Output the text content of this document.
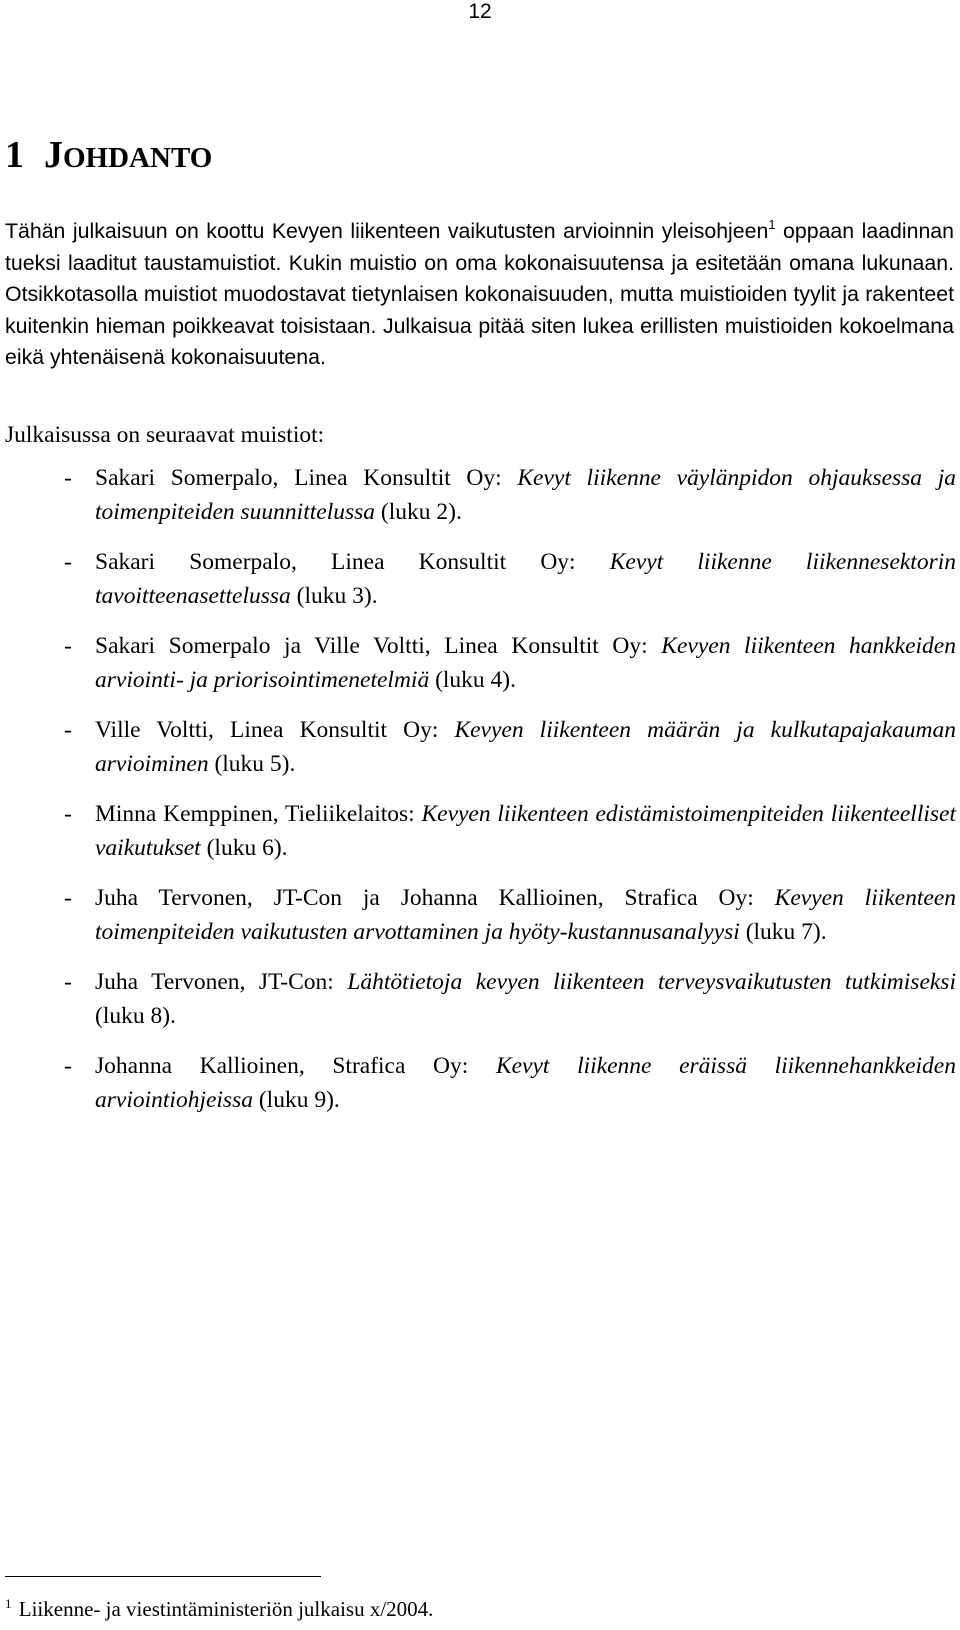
12
1 JOHDANTO

Tähän julkaisuun on koottu Kevyen liikenteen vaikutusten arvioinnin yleisohjeen$^1$ oppaan laadinnan tueksi laaditut taustamuistiot. Kukin muistio on oma kokonaisuutensa ja esitetään omana lukunaan. Otsikkotasolla muistiot muodostavat tietynlaisen kokonaisuuden, mutta muistioiden tyylit ja rakenteet kuitenkin hieman poikkeavat toisistaan. Julkaisua pitää siten lukea erillisten muistioiden kokoelmana eikä yhtenäisenä kokonaisuutena.

Julkaisussa on seuraavat muistiot:

- Sakari Somerpalo, Linea Konsultit Oy: Kevyt liikenne väylänpidon ohjauksessa ja toimenpiteiden suunnittelussa (luku 2).
- Sakari Somerpalo, Linea Konsultit Oy: Kevyt liikenne liikennesektorin tavoitteenasettelussa (luku 3).
- Sakari Somerpalo ja Ville Voltti, Linea Konsultit Oy: Kevyen liikenteen hankkeiden arviointi- ja priorisointimenetelmiä (luku 4).
- Ville Voltti, Linea Konsultit Oy: Kevyen liikenteen määrän ja kulkutapajakauman arvioiminen (luku 5).
- Minna Kemppinen, Tieliikelaitos: Kevyen liikenteen edistämistoimenpiteiden liikenteelliset vaikutukset (luku 6).
- Juha Tervonen, JT-Con ja Johanna Kallioinen, Strafica Oy: Kevyen liikenteen toimenpiteiden vaikutusten arvottaminen ja hyöty-kustannusanalyysi (luku 7).
- Juha Tervonen, JT-Con: Lähtötietoja kevyen liikenteen terveysvaikutusten tutkimiseksi (luku 8).
- Johanna Kallioinen, Strafica Oy: Kevyt liikenne eräissä liikennehankkeiden arviointiohjeissa (luku 9).

$^1$ Liikenne- ja viestintäministeriön julkaisu x/2004.
